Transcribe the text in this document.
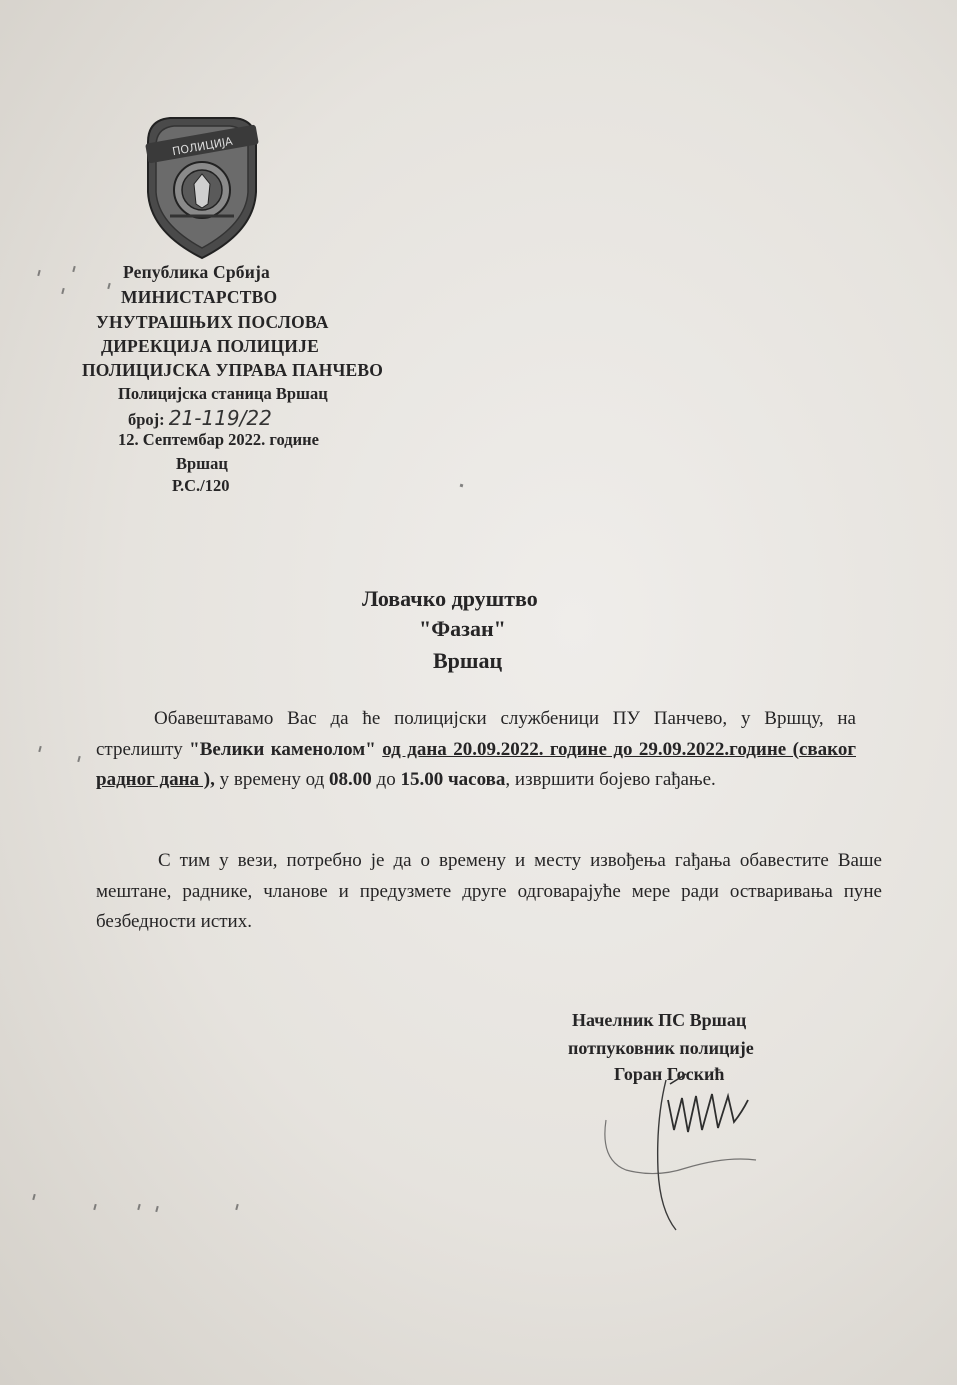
ПОЛИЦИЈА
Република Србија
МИНИСТАРСТВО
УНУТРАШЊИХ ПОСЛОВА
ДИРЕКЦИЈА ПОЛИЦИЈЕ
ПОЛИЦИЈСКА УПРАВА ПАНЧЕВО
Полицијска станица Вршац
број: 21-119/22
12. Септембар 2022. године
Вршац
Р.С./120
Ловачко друштво
"Фазан"
Вршац
Обавештавамо Вас да ће полицијски службеници ПУ Панчево, у Вршцу, на стрелишту "Велики каменолом" од дана 20.09.2022. године до 29.09.2022.године (сваког радног дана ), у времену од 08.00 до 15.00 часова, извршити бојево гађање.
С тим у вези, потребно је да о времену и месту извођења гађања обавестите Ваше мештане, раднике, чланове и предузмете друге одговарајуће мере ради остваривања пуне безбедности истих.
Начелник ПС Вршац
потпуковник полиције
Горан Госкић
